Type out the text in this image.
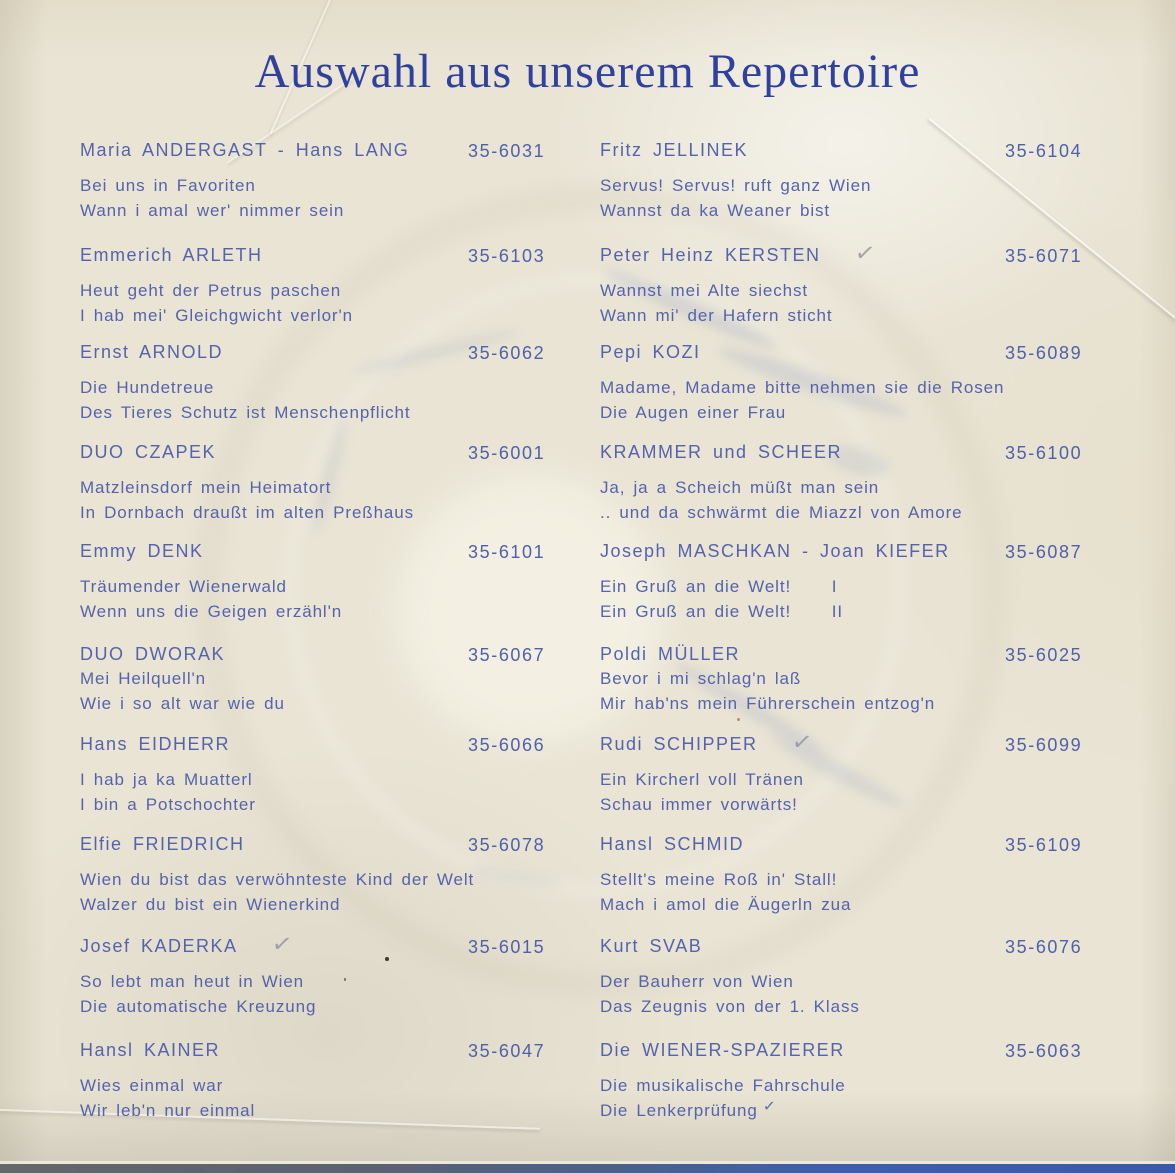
Auswahl aus unserem Repertoire
Maria ANDERGAST - Hans LANG	35-6031
Bei uns in Favoriten
Wann i amal wer' nimmer sein
Emmerich ARLETH	35-6103
Heut geht der Petrus paschen
I hab mei' Gleichgwicht verlor'n
Ernst ARNOLD	35-6062
Die Hundetreue
Des Tieres Schutz ist Menschenpflicht
DUO CZAPEK	35-6001
Matzleinsdorf mein Heimatort
In Dornbach draußt im alten Preßhaus
Emmy DENK	35-6101
Träumender Wienerwald
Wenn uns die Geigen erzähl'n
DUO DWORAK	35-6067
Mei Heilquell'n
Wie i so alt war wie du
Hans EIDHERR	35-6066
I hab ja ka Muatterl
I bin a Potschochter
Elfie FRIEDRICH	35-6078
Wien du bist das verwöhnteste Kind der Welt
Walzer du bist ein Wienerkind
Josef KADERKA ✓	35-6015
So lebt man heut in Wien
Die automatische Kreuzung
Hansl KAINER	35-6047
Wies einmal war
Wir leb'n nur einmal
Fritz JELLINEK	35-6104
Servus! Servus! ruft ganz Wien
Wannst da ka Weaner bist
Peter Heinz KERSTEN ✓	35-6071
Wannst mei Alte siechst
Wann mi' der Hafern sticht
Pepi KOZI	35-6089
Madame, Madame bitte nehmen sie die Rosen
Die Augen einer Frau
KRAMMER und SCHEER	35-6100
Ja, ja a Scheich müßt man sein
.. und da schwärmt die Miazzl von Amore
Joseph MASCHKAN - Joan KIEFER	35-6087
Ein Gruß an die Welt!     I
Ein Gruß an die Welt!     II
Poldi MÜLLER	35-6025
Bevor i mi schlag'n laß
Mir hab'ns mein Führerschein entzog'n
Rudi SCHIPPER ✓	35-6099
Ein Kircherl voll Tränen
Schau immer vorwärts!
Hansl SCHMID	35-6109
Stellt's meine Roß in' Stall!
Mach i amol die Äugerln zua
Kurt SVAB	35-6076
Der Bauherr von Wien
Das Zeugnis von der 1. Klass
Die WIENER-SPAZIERER	35-6063
Die musikalische Fahrschule
Die Lenkerprüfung ✓
